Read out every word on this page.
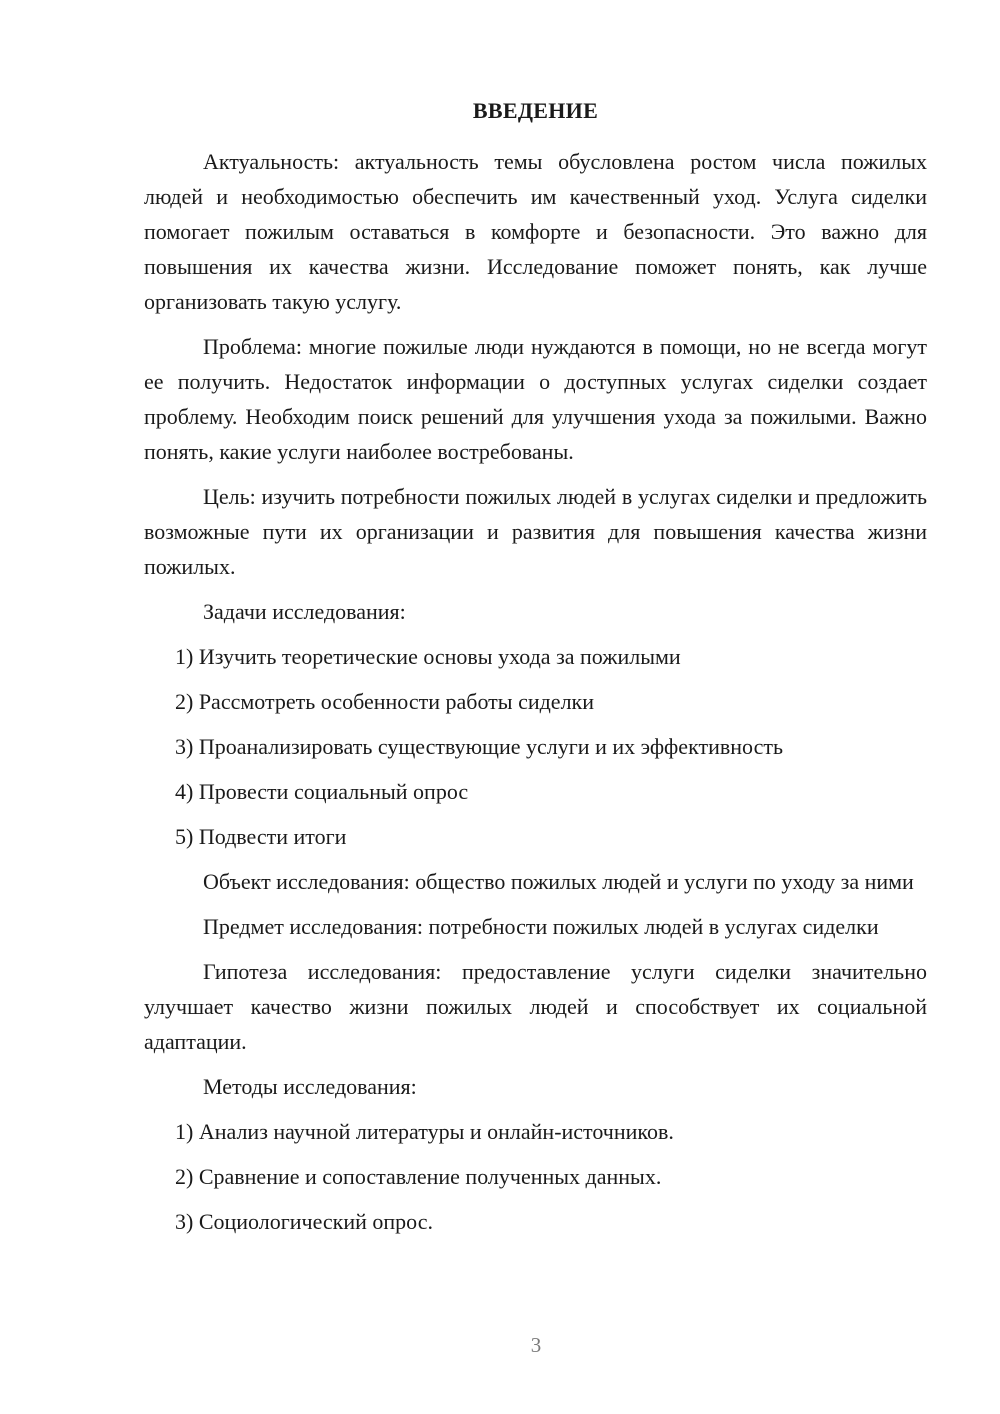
ВВЕДЕНИЕ

Актуальность: актуальность темы обусловлена ростом числа пожилых людей и необходимостью обеспечить им качественный уход. Услуга сиделки помогает пожилым оставаться в комфорте и безопасности. Это важно для повышения их качества жизни. Исследование поможет понять, как лучше организовать такую услугу.

Проблема: многие пожилые люди нуждаются в помощи, но не всегда могут ее получить. Недостаток информации о доступных услугах сиделки создает проблему. Необходим поиск решений для улучшения ухода за пожилыми. Важно понять, какие услуги наиболее востребованы.

Цель: изучить потребности пожилых людей в услугах сиделки и предложить возможные пути их организации и развития для повышения качества жизни пожилых.

Задачи исследования:

1) Изучить теоретические основы ухода за пожилыми
2) Рассмотреть особенности работы сиделки
3) Проанализировать существующие услуги и их эффективность
4) Провести социальный опрос
5) Подвести итоги

Объект исследования: общество пожилых людей и услуги по уходу за ними

Предмет исследования: потребности пожилых людей в услугах сиделки

Гипотеза исследования: предоставление услуги сиделки значительно улучшает качество жизни пожилых людей и способствует их социальной адаптации.

Методы исследования:

1) Анализ научной литературы и онлайн-источников.
2) Сравнение и сопоставление полученных данных.
3) Социологический опрос.
3
